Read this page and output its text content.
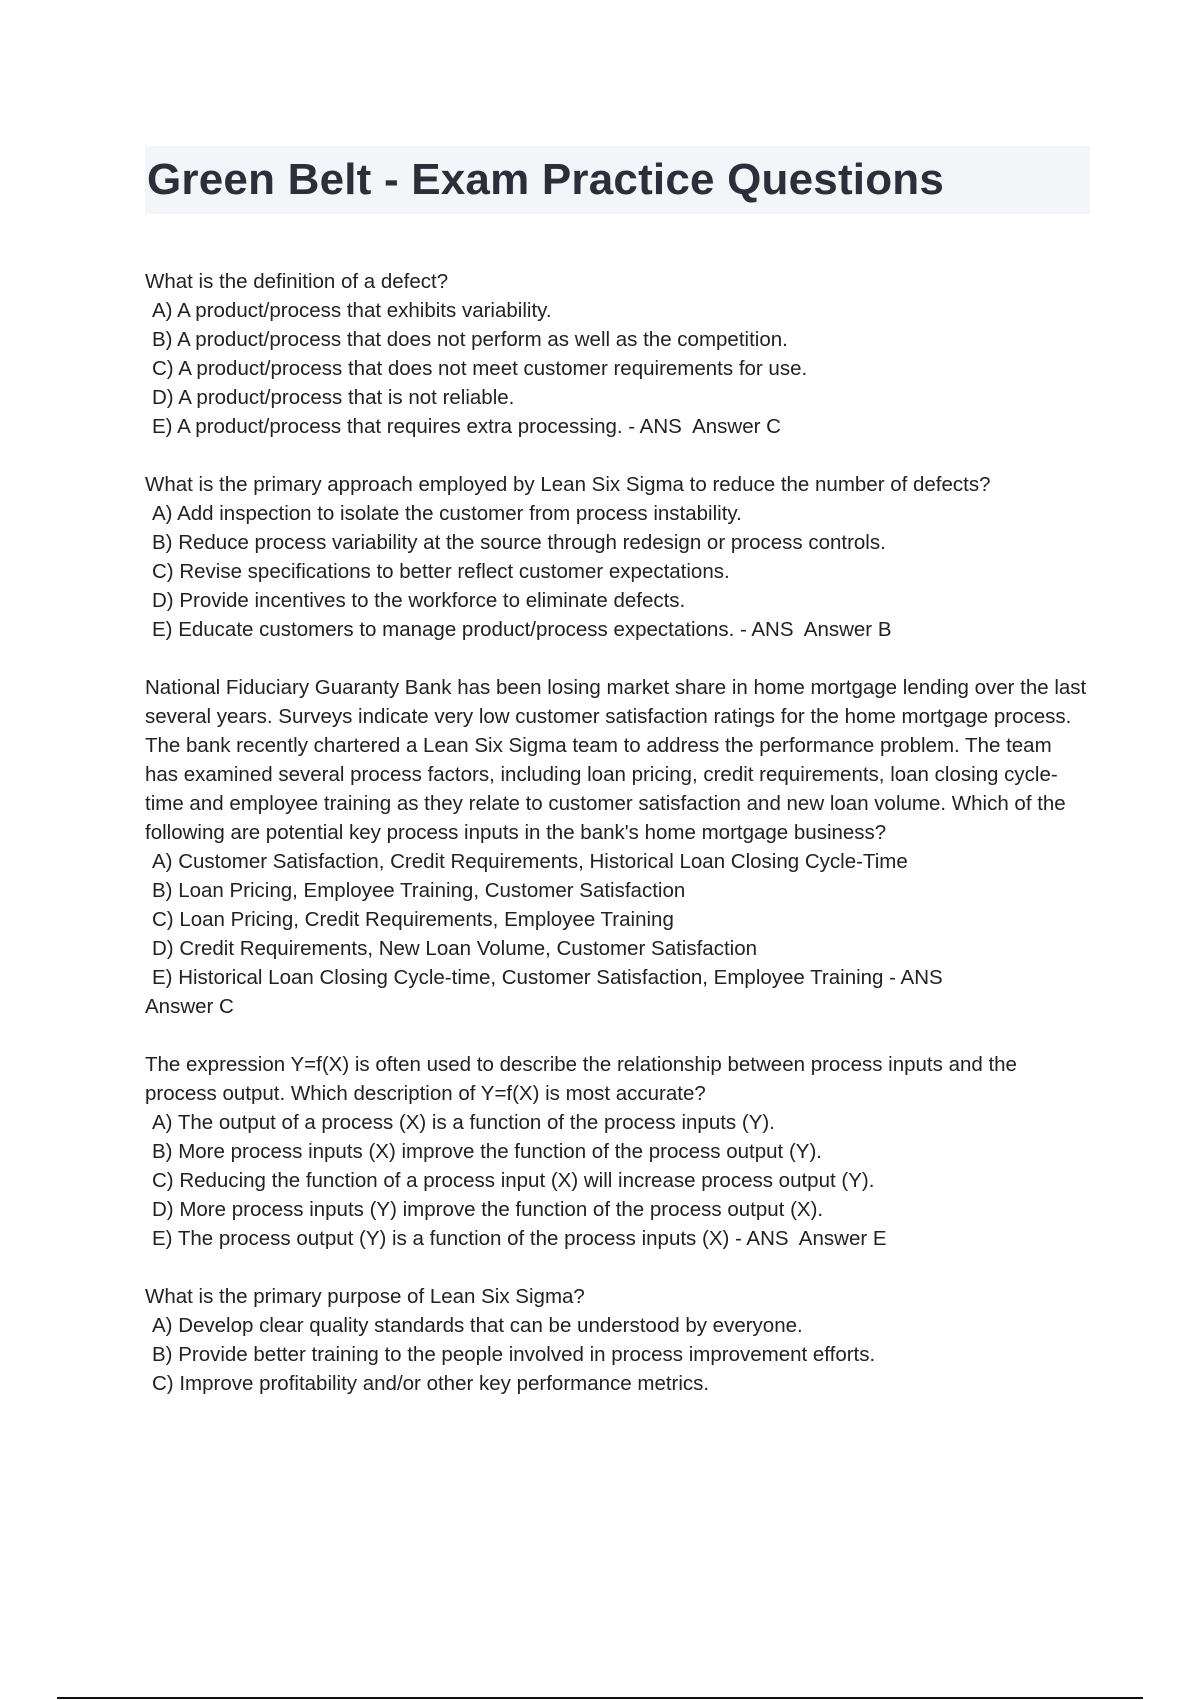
Green Belt - Exam Practice Questions
What is the definition of a defect?
A) A product/process that exhibits variability.
B) A product/process that does not perform as well as the competition.
C) A product/process that does not meet customer requirements for use.
D) A product/process that is not reliable.
E) A product/process that requires extra processing. - ANS  Answer C
What is the primary approach employed by Lean Six Sigma to reduce the number of defects?
A) Add inspection to isolate the customer from process instability.
B) Reduce process variability at the source through redesign or process controls.
C) Revise specifications to better reflect customer expectations.
D) Provide incentives to the workforce to eliminate defects.
E) Educate customers to manage product/process expectations. - ANS  Answer B
National Fiduciary Guaranty Bank has been losing market share in home mortgage lending over the last several years. Surveys indicate very low customer satisfaction ratings for the home mortgage process. The bank recently chartered a Lean Six Sigma team to address the performance problem. The team has examined several process factors, including loan pricing, credit requirements, loan closing cycle-time and employee training as they relate to customer satisfaction and new loan volume. Which of the following are potential key process inputs in the bank's home mortgage business?
A) Customer Satisfaction, Credit Requirements, Historical Loan Closing Cycle-Time
B) Loan Pricing, Employee Training, Customer Satisfaction
C) Loan Pricing, Credit Requirements, Employee Training
D) Credit Requirements, New Loan Volume, Customer Satisfaction
E) Historical Loan Closing Cycle-time, Customer Satisfaction, Employee Training - ANS
Answer C
The expression Y=f(X) is often used to describe the relationship between process inputs and the process output. Which description of Y=f(X) is most accurate?
A) The output of a process (X) is a function of the process inputs (Y).
B) More process inputs (X) improve the function of the process output (Y).
C) Reducing the function of a process input (X) will increase process output (Y).
D) More process inputs (Y) improve the function of the process output (X).
E) The process output (Y) is a function of the process inputs (X) - ANS  Answer E
What is the primary purpose of Lean Six Sigma?
A) Develop clear quality standards that can be understood by everyone.
B) Provide better training to the people involved in process improvement efforts.
C) Improve profitability and/or other key performance metrics.
